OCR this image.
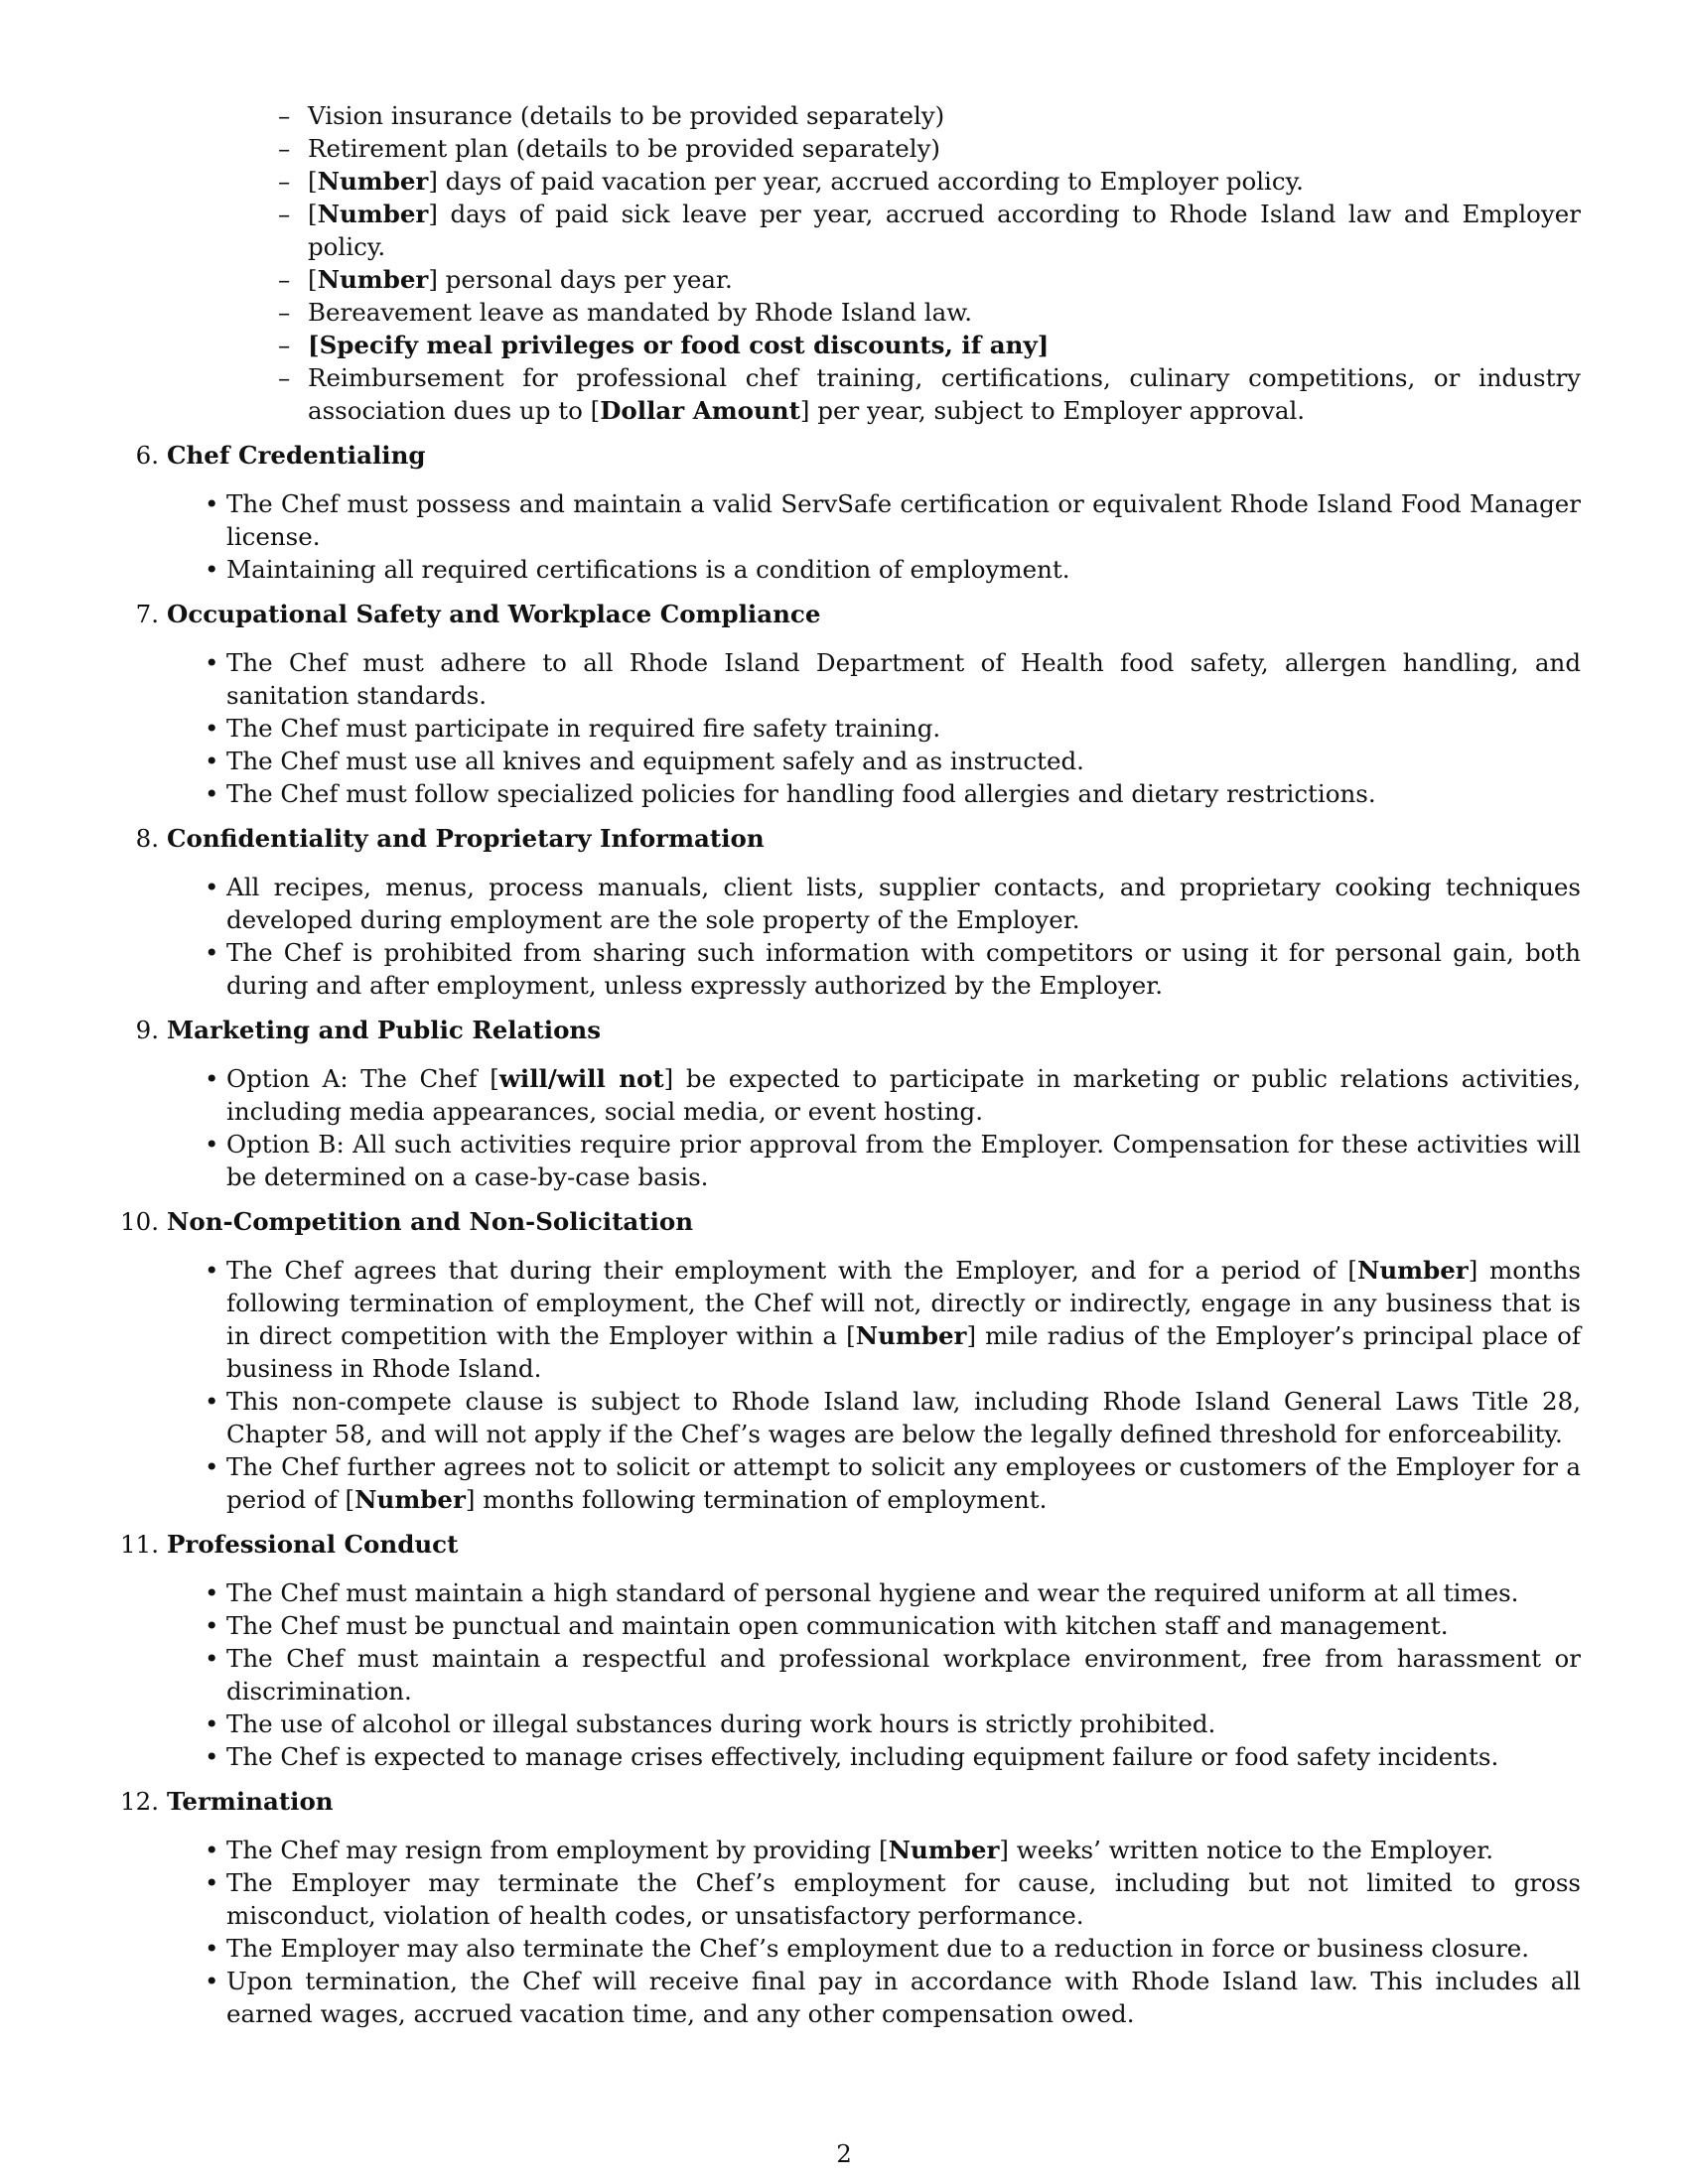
– Vision insurance (details to be provided separately)
– Retirement plan (details to be provided separately)
– [Number] days of paid vacation per year, accrued according to Employer policy.
– [Number] days of paid sick leave per year, accrued according to Rhode Island law and Employer policy.
– [Number] personal days per year.
– Bereavement leave as mandated by Rhode Island law.
– [Specify meal privileges or food cost discounts, if any]
– Reimbursement for professional chef training, certifications, culinary competitions, or industry association dues up to [Dollar Amount] per year, subject to Employer approval.
6. Chef Credentialing
• The Chef must possess and maintain a valid ServSafe certification or equivalent Rhode Island Food Manager license.
• Maintaining all required certifications is a condition of employment.
7. Occupational Safety and Workplace Compliance
• The Chef must adhere to all Rhode Island Department of Health food safety, allergen handling, and sanitation standards.
• The Chef must participate in required fire safety training.
• The Chef must use all knives and equipment safely and as instructed.
• The Chef must follow specialized policies for handling food allergies and dietary restrictions.
8. Confidentiality and Proprietary Information
• All recipes, menus, process manuals, client lists, supplier contacts, and proprietary cooking techniques developed during employment are the sole property of the Employer.
• The Chef is prohibited from sharing such information with competitors or using it for personal gain, both during and after employment, unless expressly authorized by the Employer.
9. Marketing and Public Relations
• Option A: The Chef [will/will not] be expected to participate in marketing or public relations activities, including media appearances, social media, or event hosting.
• Option B: All such activities require prior approval from the Employer. Compensation for these activities will be determined on a case-by-case basis.
10. Non-Competition and Non-Solicitation
• The Chef agrees that during their employment with the Employer, and for a period of [Number] months following termination of employment, the Chef will not, directly or indirectly, engage in any business that is in direct competition with the Employer within a [Number] mile radius of the Employer’s principal place of business in Rhode Island.
• This non-compete clause is subject to Rhode Island law, including Rhode Island General Laws Title 28, Chapter 58, and will not apply if the Chef’s wages are below the legally defined threshold for enforceability.
• The Chef further agrees not to solicit or attempt to solicit any employees or customers of the Employer for a period of [Number] months following termination of employment.
11. Professional Conduct
• The Chef must maintain a high standard of personal hygiene and wear the required uniform at all times.
• The Chef must be punctual and maintain open communication with kitchen staff and management.
• The Chef must maintain a respectful and professional workplace environment, free from harassment or discrimination.
• The use of alcohol or illegal substances during work hours is strictly prohibited.
• The Chef is expected to manage crises effectively, including equipment failure or food safety incidents.
12. Termination
• The Chef may resign from employment by providing [Number] weeks’ written notice to the Employer.
• The Employer may terminate the Chef’s employment for cause, including but not limited to gross misconduct, violation of health codes, or unsatisfactory performance.
• The Employer may also terminate the Chef’s employment due to a reduction in force or business closure.
• Upon termination, the Chef will receive final pay in accordance with Rhode Island law. This includes all earned wages, accrued vacation time, and any other compensation owed.
2
